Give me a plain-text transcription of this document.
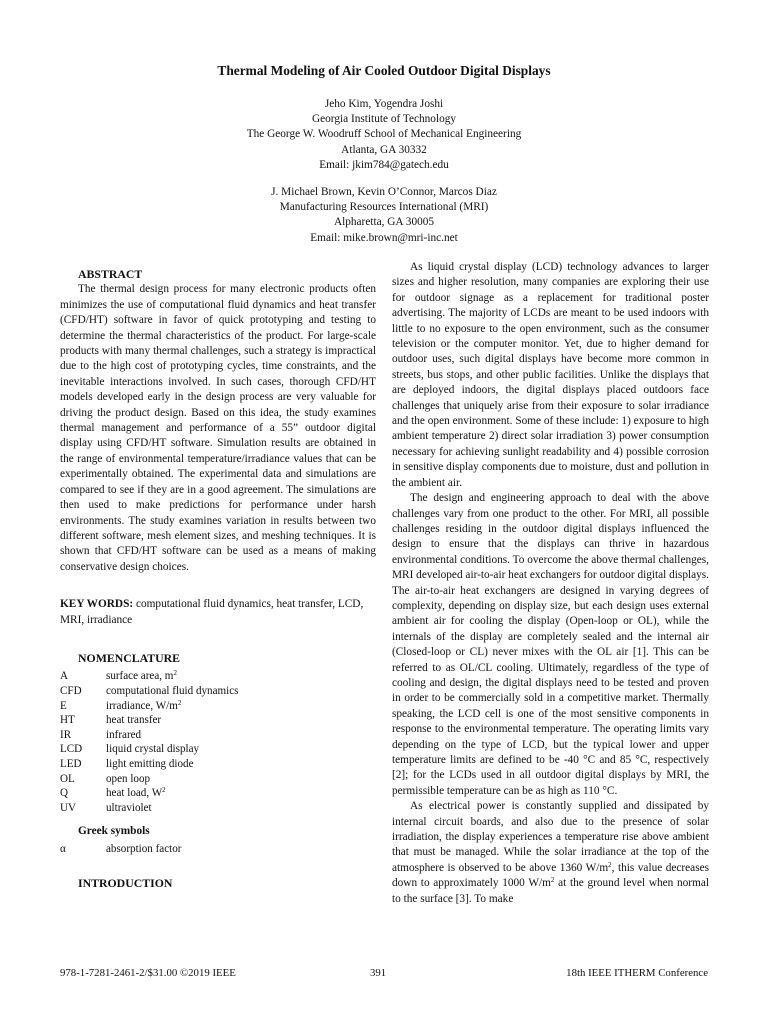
Thermal Modeling of Air Cooled Outdoor Digital Displays
Jeho Kim, Yogendra Joshi
Georgia Institute of Technology
The George W. Woodruff School of Mechanical Engineering
Atlanta, GA 30332
Email: jkim784@gatech.edu
J. Michael Brown, Kevin O’Connor, Marcos Diaz
Manufacturing Resources International (MRI)
Alpharetta, GA 30005
Email: mike.brown@mri-inc.net

ABSTRACT

The thermal design process for many electronic products often minimizes the use of computational fluid dynamics and heat transfer (CFD/HT) software in favor of quick prototyping and testing to determine the thermal characteristics of the product. For large-scale products with many thermal challenges, such a strategy is impractical due to the high cost of prototyping cycles, time constraints, and the inevitable interactions involved. In such cases, thorough CFD/HT models developed early in the design process are very valuable for driving the product design. Based on this idea, the study examines thermal management and performance of a 55” outdoor digital display using CFD/HT software. Simulation results are obtained in the range of environmental temperature/irradiance values that can be experimentally obtained. The experimental data and simulations are compared to see if they are in a good agreement. The simulations are then used to make predictions for performance under harsh environments. The study examines variation in results between two different software, mesh element sizes, and meshing techniques. It is shown that CFD/HT software can be used as a means of making conservative design choices.

KEY WORDS: computational fluid dynamics, heat transfer, LCD, MRI, irradiance

NOMENCLATURE

A	surface area, $m^2$
CFD	computational fluid dynamics
E	irradiance, $W/m^2$
HT	heat transfer
IR	infrared
LCD	liquid crystal display
LED	light emitting diode
OL	open loop
Q	heat load, $W^2$
UV	ultraviolet

Greek symbols

α	absorption factor

INTRODUCTION

As liquid crystal display (LCD) technology advances to larger sizes and higher resolution, many companies are exploring their use for outdoor signage as a replacement for traditional poster advertising. The majority of LCDs are meant to be used indoors with little to no exposure to the open environment, such as the consumer television or the computer monitor. Yet, due to higher demand for outdoor uses, such digital displays have become more common in streets, bus stops, and other public facilities. Unlike the displays that are deployed indoors, the digital displays placed outdoors face challenges that uniquely arise from their exposure to solar irradiance and the open environment. Some of these include: 1) exposure to high ambient temperature 2) direct solar irradiation 3) power consumption necessary for achieving sunlight readability and 4) possible corrosion in sensitive display components due to moisture, dust and pollution in the ambient air.

The design and engineering approach to deal with the above challenges vary from one product to the other. For MRI, all possible challenges residing in the outdoor digital displays influenced the design to ensure that the displays can thrive in hazardous environmental conditions. To overcome the above thermal challenges, MRI developed air-to-air heat exchangers for outdoor digital displays. The air-to-air heat exchangers are designed in varying degrees of complexity, depending on display size, but each design uses external ambient air for cooling the display (Open-loop or OL), while the internals of the display are completely sealed and the internal air (Closed-loop or CL) never mixes with the OL air [1]. This can be referred to as OL/CL cooling. Ultimately, regardless of the type of cooling and design, the digital displays need to be tested and proven in order to be commercially sold in a competitive market. Thermally speaking, the LCD cell is one of the most sensitive components in response to the environmental temperature. The operating limits vary depending on the type of LCD, but the typical lower and upper temperature limits are defined to be -40 °C and 85 °C, respectively [2]; for the LCDs used in all outdoor digital displays by MRI, the permissible temperature can be as high as 110 °C.

As electrical power is constantly supplied and dissipated by internal circuit boards, and also due to the presence of solar irradiation, the display experiences a temperature rise above ambient that must be managed. While the solar irradiance at the top of the atmosphere is observed to be above 1360 $W/m^2$, this value decreases down to approximately 1000 $W/m^2$ at the ground level when normal to the surface [3]. To make

978-1-7281-2461-2/$31.00 ©2019 IEEE	391	18th IEEE ITHERM Conference
